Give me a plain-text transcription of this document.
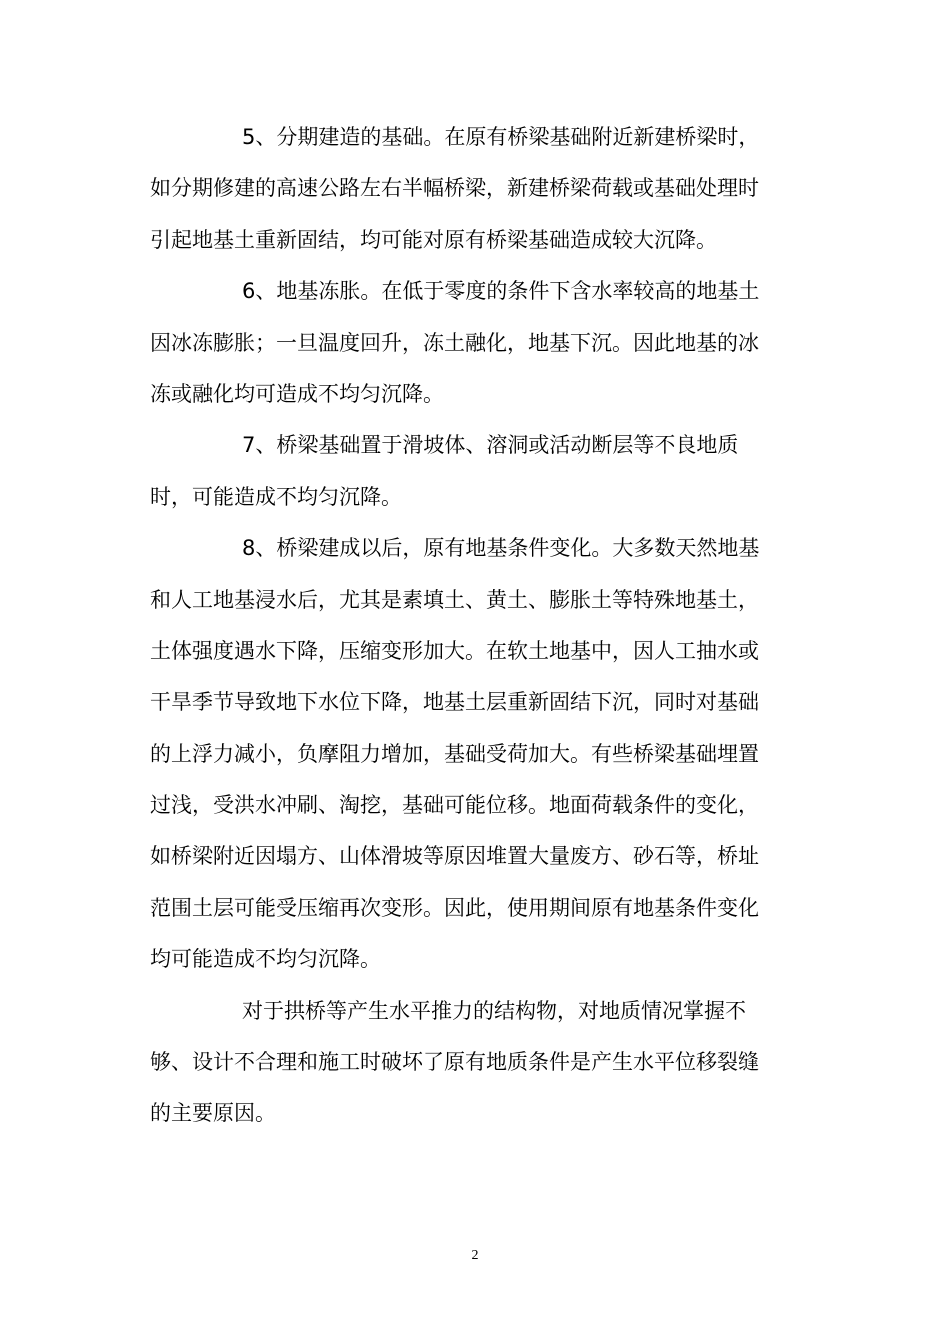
5、分期建造的基础。在原有桥梁基础附近新建桥梁时，
如分期修建的高速公路左右半幅桥梁，新建桥梁荷载或基础处理时
引起地基土重新固结，均可能对原有桥梁基础造成较大沉降。
6、地基冻胀。在低于零度的条件下含水率较高的地基土
因冰冻膨胀；一旦温度回升，冻土融化，地基下沉。因此地基的冰
冻或融化均可造成不均匀沉降。
7、桥梁基础置于滑坡体、溶洞或活动断层等不良地质
时，可能造成不均匀沉降。
8、桥梁建成以后，原有地基条件变化。大多数天然地基
和人工地基浸水后，尤其是素填土、黄土、膨胀土等特殊地基土，
土体强度遇水下降，压缩变形加大。在软土地基中，因人工抽水或
干旱季节导致地下水位下降，地基土层重新固结下沉，同时对基础
的上浮力减小，负摩阻力增加，基础受荷加大。有些桥梁基础埋置
过浅，受洪水冲刷、淘挖，基础可能位移。地面荷载条件的变化，
如桥梁附近因塌方、山体滑坡等原因堆置大量废方、砂石等，桥址
范围土层可能受压缩再次变形。因此，使用期间原有地基条件变化
均可能造成不均匀沉降。
对于拱桥等产生水平推力的结构物，对地质情况掌握不
够、设计不合理和施工时破坏了原有地质条件是产生水平位移裂缝
的主要原因。
2
